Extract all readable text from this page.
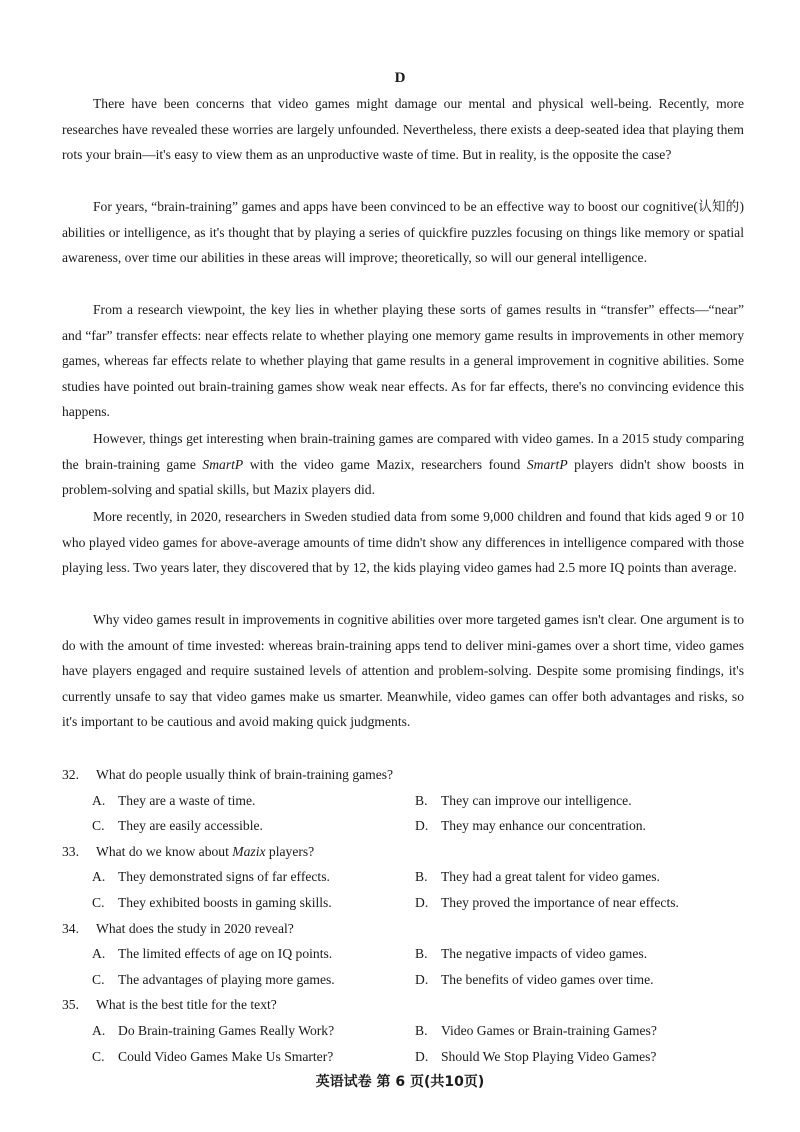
D

There have been concerns that video games might damage our mental and physical well-being. Recently, more researches have revealed these worries are largely unfounded. Nevertheless, there exists a deep-seated idea that playing them rots your brain—it's easy to view them as an unproductive waste of time. But in reality, is the opposite the case?

For years, “brain-training” games and apps have been convinced to be an effective way to boost our cognitive(认知的) abilities or intelligence, as it's thought that by playing a series of quickfire puzzles focusing on things like memory or spatial awareness, over time our abilities in these areas will improve; theoretically, so will our general intelligence.

From a research viewpoint, the key lies in whether playing these sorts of games results in “transfer” effects—“near” and “far” transfer effects: near effects relate to whether playing one memory game results in improvements in other memory games, whereas far effects relate to whether playing that game results in a general improvement in cognitive abilities. Some studies have pointed out brain-training games show weak near effects. As for far effects, there's no convincing evidence this happens.

However, things get interesting when brain-training games are compared with video games. In a 2015 study comparing the brain-training game SmartP with the video game Mazix, researchers found SmartP players didn't show boosts in problem-solving and spatial skills, but Mazix players did.

More recently, in 2020, researchers in Sweden studied data from some 9,000 children and found that kids aged 9 or 10 who played video games for above-average amounts of time didn't show any differences in intelligence compared with those playing less. Two years later, they discovered that by 12, the kids playing video games had 2.5 more IQ points than average.

Why video games result in improvements in cognitive abilities over more targeted games isn't clear. One argument is to do with the amount of time invested: whereas brain-training apps tend to deliver mini-games over a short time, video games have players engaged and require sustained levels of attention and problem-solving. Despite some promising findings, it's currently unsafe to say that video games make us smarter. Meanwhile, video games can offer both advantages and risks, so it's important to be cautious and avoid making quick judgments.

32. What do people usually think of brain-training games?
A. They are a waste of time.	B. They can improve our intelligence.
C. They are easily accessible.	D. They may enhance our concentration.
33. What do we know about Mazix players?
A. They demonstrated signs of far effects.	B. They had a great talent for video games.
C. They exhibited boosts in gaming skills.	D. They proved the importance of near effects.
34. What does the study in 2020 reveal?
A. The limited effects of age on IQ points.	B. The negative impacts of video games.
C. The advantages of playing more games.	D. The benefits of video games over time.
35. What is the best title for the text?
A. Do Brain-training Games Really Work?	B. Video Games or Brain-training Games?
C. Could Video Games Make Us Smarter?	D. Should We Stop Playing Video Games?
英语试卷 第 6 页(共10页)
